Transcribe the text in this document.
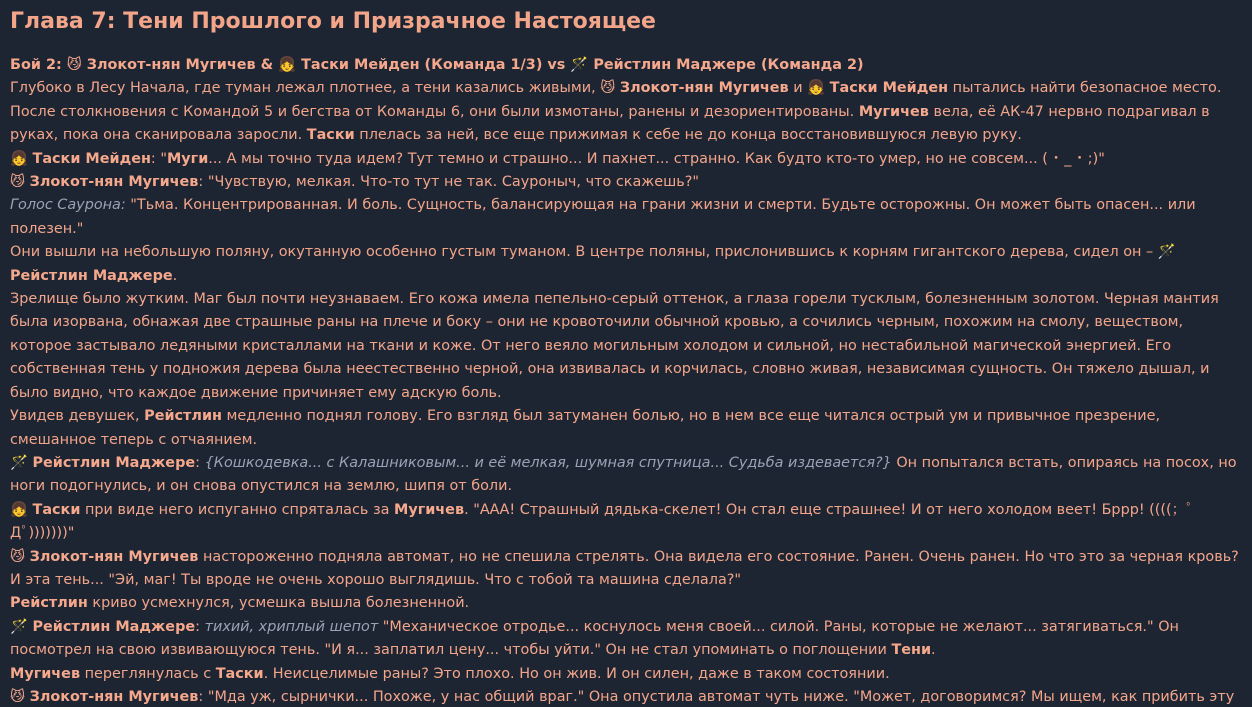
Глава 7: Тени Прошлого и Призрачное Настоящее

Бой 2: 😼 Злокот-нян Мугичев & 👧 Таски Мейден (Команда 1/3) vs 🪄 Рейстлин Маджере (Команда 2)

Глубоко в Лесу Начала, где туман лежал плотнее, а тени казались живыми, 😼 Злокот-нян Мугичев и 👧 Таски Мейден пытались найти безопасное место. После столкновения с Командой 5 и бегства от Команды 6, они были измотаны, ранены и дезориентированы. Мугичев вела, её АК-47 нервно подрагивал в руках, пока она сканировала заросли. Таски плелась за ней, все еще прижимая к себе не до конца восстановившуюся левую руку.

👧 Таски Мейден: "Муги... А мы точно туда идем? Тут темно и страшно... И пахнет... странно. Как будто кто-то умер, но не совсем... ( ･ _ ･ ;)"

😼 Злокот-нян Мугичев: "Чувствую, мелкая. Что-то тут не так. Сауроныч, что скажешь?"

Голос Саурона: "Тьма. Концентрированная. И боль. Сущность, балансирующая на грани жизни и смерти. Будьте осторожны. Он может быть опасен... или полезен."

Они вышли на небольшую поляну, окутанную особенно густым туманом. В центре поляны, прислонившись к корням гигантского дерева, сидел он – 🪄 Рейстлин Маджере.

Зрелище было жутким. Маг был почти неузнаваем. Его кожа имела пепельно-серый оттенок, а глаза горели тусклым, болезненным золотом. Черная мантия была изорвана, обнажая две страшные раны на плече и боку – они не кровоточили обычной кровью, а сочились черным, похожим на смолу, веществом, которое застывало ледяными кристаллами на ткани и коже. От него веяло могильным холодом и сильной, но нестабильной магической энергией. Его собственная тень у подножия дерева была неестественно черной, она извивалась и корчилась, словно живая, независимая сущность. Он тяжело дышал, и было видно, что каждое движение причиняет ему адскую боль.

Увидев девушек, Рейстлин медленно поднял голову. Его взгляд был затуманен болью, но в нем все еще читался острый ум и привычное презрение, смешанное теперь с отчаянием.

🪄 Рейстлин Маджере: {Кошкодевка... с Калашниковым... и её мелкая, шумная спутница... Судьба издевается?} Он попытался встать, опираясь на посох, но ноги подогнулись, и он снова опустился на землю, шипя от боли.

👧 Таски при виде него испуганно спряталась за Мугичев. "ААА! Страшный дядька-скелет! Он стал еще страшнее! И от него холодом веет! Бррр! ((((；ﾟДﾟ)))))))"

😼 Злокот-нян Мугичев настороженно подняла автомат, но не спешила стрелять. Она видела его состояние. Ранен. Очень ранен. Но что это за черная кровь? И эта тень... "Эй, маг! Ты вроде не очень хорошо выглядишь. Что с тобой та машина сделала?"

Рейстлин криво усмехнулся, усмешка вышла болезненной.

🪄 Рейстлин Маджере: тихий, хриплый шепот "Механическое отродье... коснулось меня своей... силой. Раны, которые не желают... затягиваться." Он посмотрел на свою извивающуюся тень. "И я... заплатил цену... чтобы уйти." Он не стал упоминать о поглощении Тени.

Мугичев переглянулась с Таски. Неисцелимые раны? Это плохо. Но он жив. И он силен, даже в таком состоянии.

😼 Злокот-нян Мугичев: "Мда уж, сырнички... Похоже, у нас общий враг." Она опустила автомат чуть ниже. "Может, договоримся? Мы ищем, как прибить эту
